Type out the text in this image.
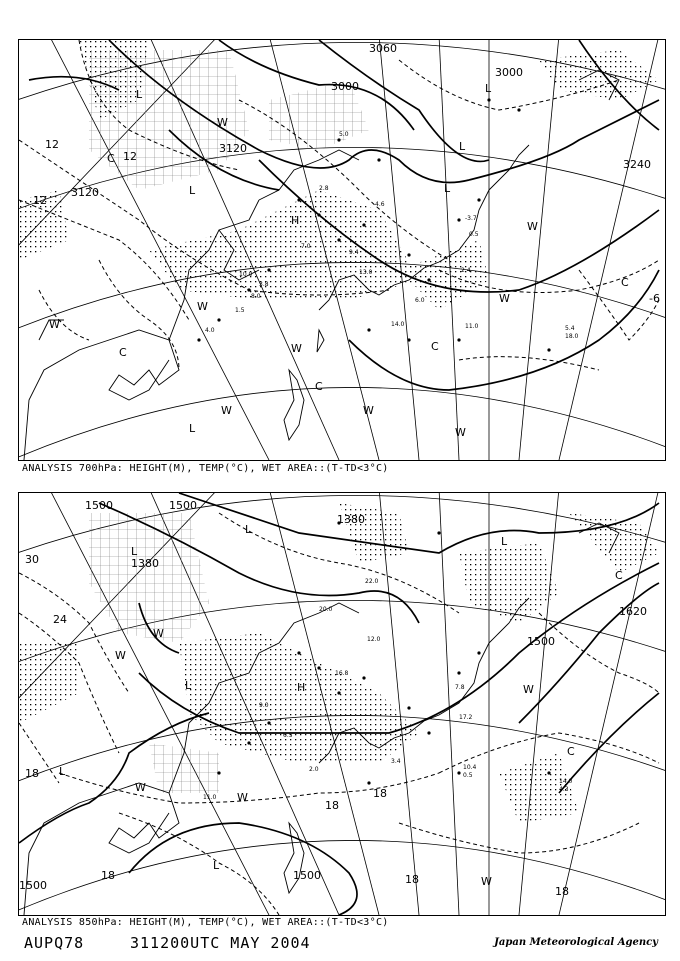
3060
3000
3000
3120
3120
3240
12
12
12
-6
L
L
L
L
L
L
H
W
W
W
W
W
W
W
W
C
C
C
C
C
W
14.0	11.0
10.0
4.0	5.4
18.0
2.4
6.0
9.4
7.0
13.0
2.8
4.6
-3.7
0.5
3.8
1.5
5.0
8.0
ANALYSIS 700hPa: HEIGHT(M), TEMP(°C), WET AREA::(T-TD<3°C)
1500	1500
1380
1380
1500
1500
1620
1500
30
24
18
18
18
18
18
18
L
L
L
L
L
H
W
W
W
W
W
W
C
C
L
14.0
4.3
10.4
0.5
17.2
20.0
12.0
9.0
16.8
7.8
3.4
6.5
22.0
11.0
2.0
ANALYSIS 850hPa: HEIGHT(M), TEMP(°C), WET AREA::(T-TD<3°C)
AUPQ78	311200UTC MAY 2004	Japan Meteorological Agency
